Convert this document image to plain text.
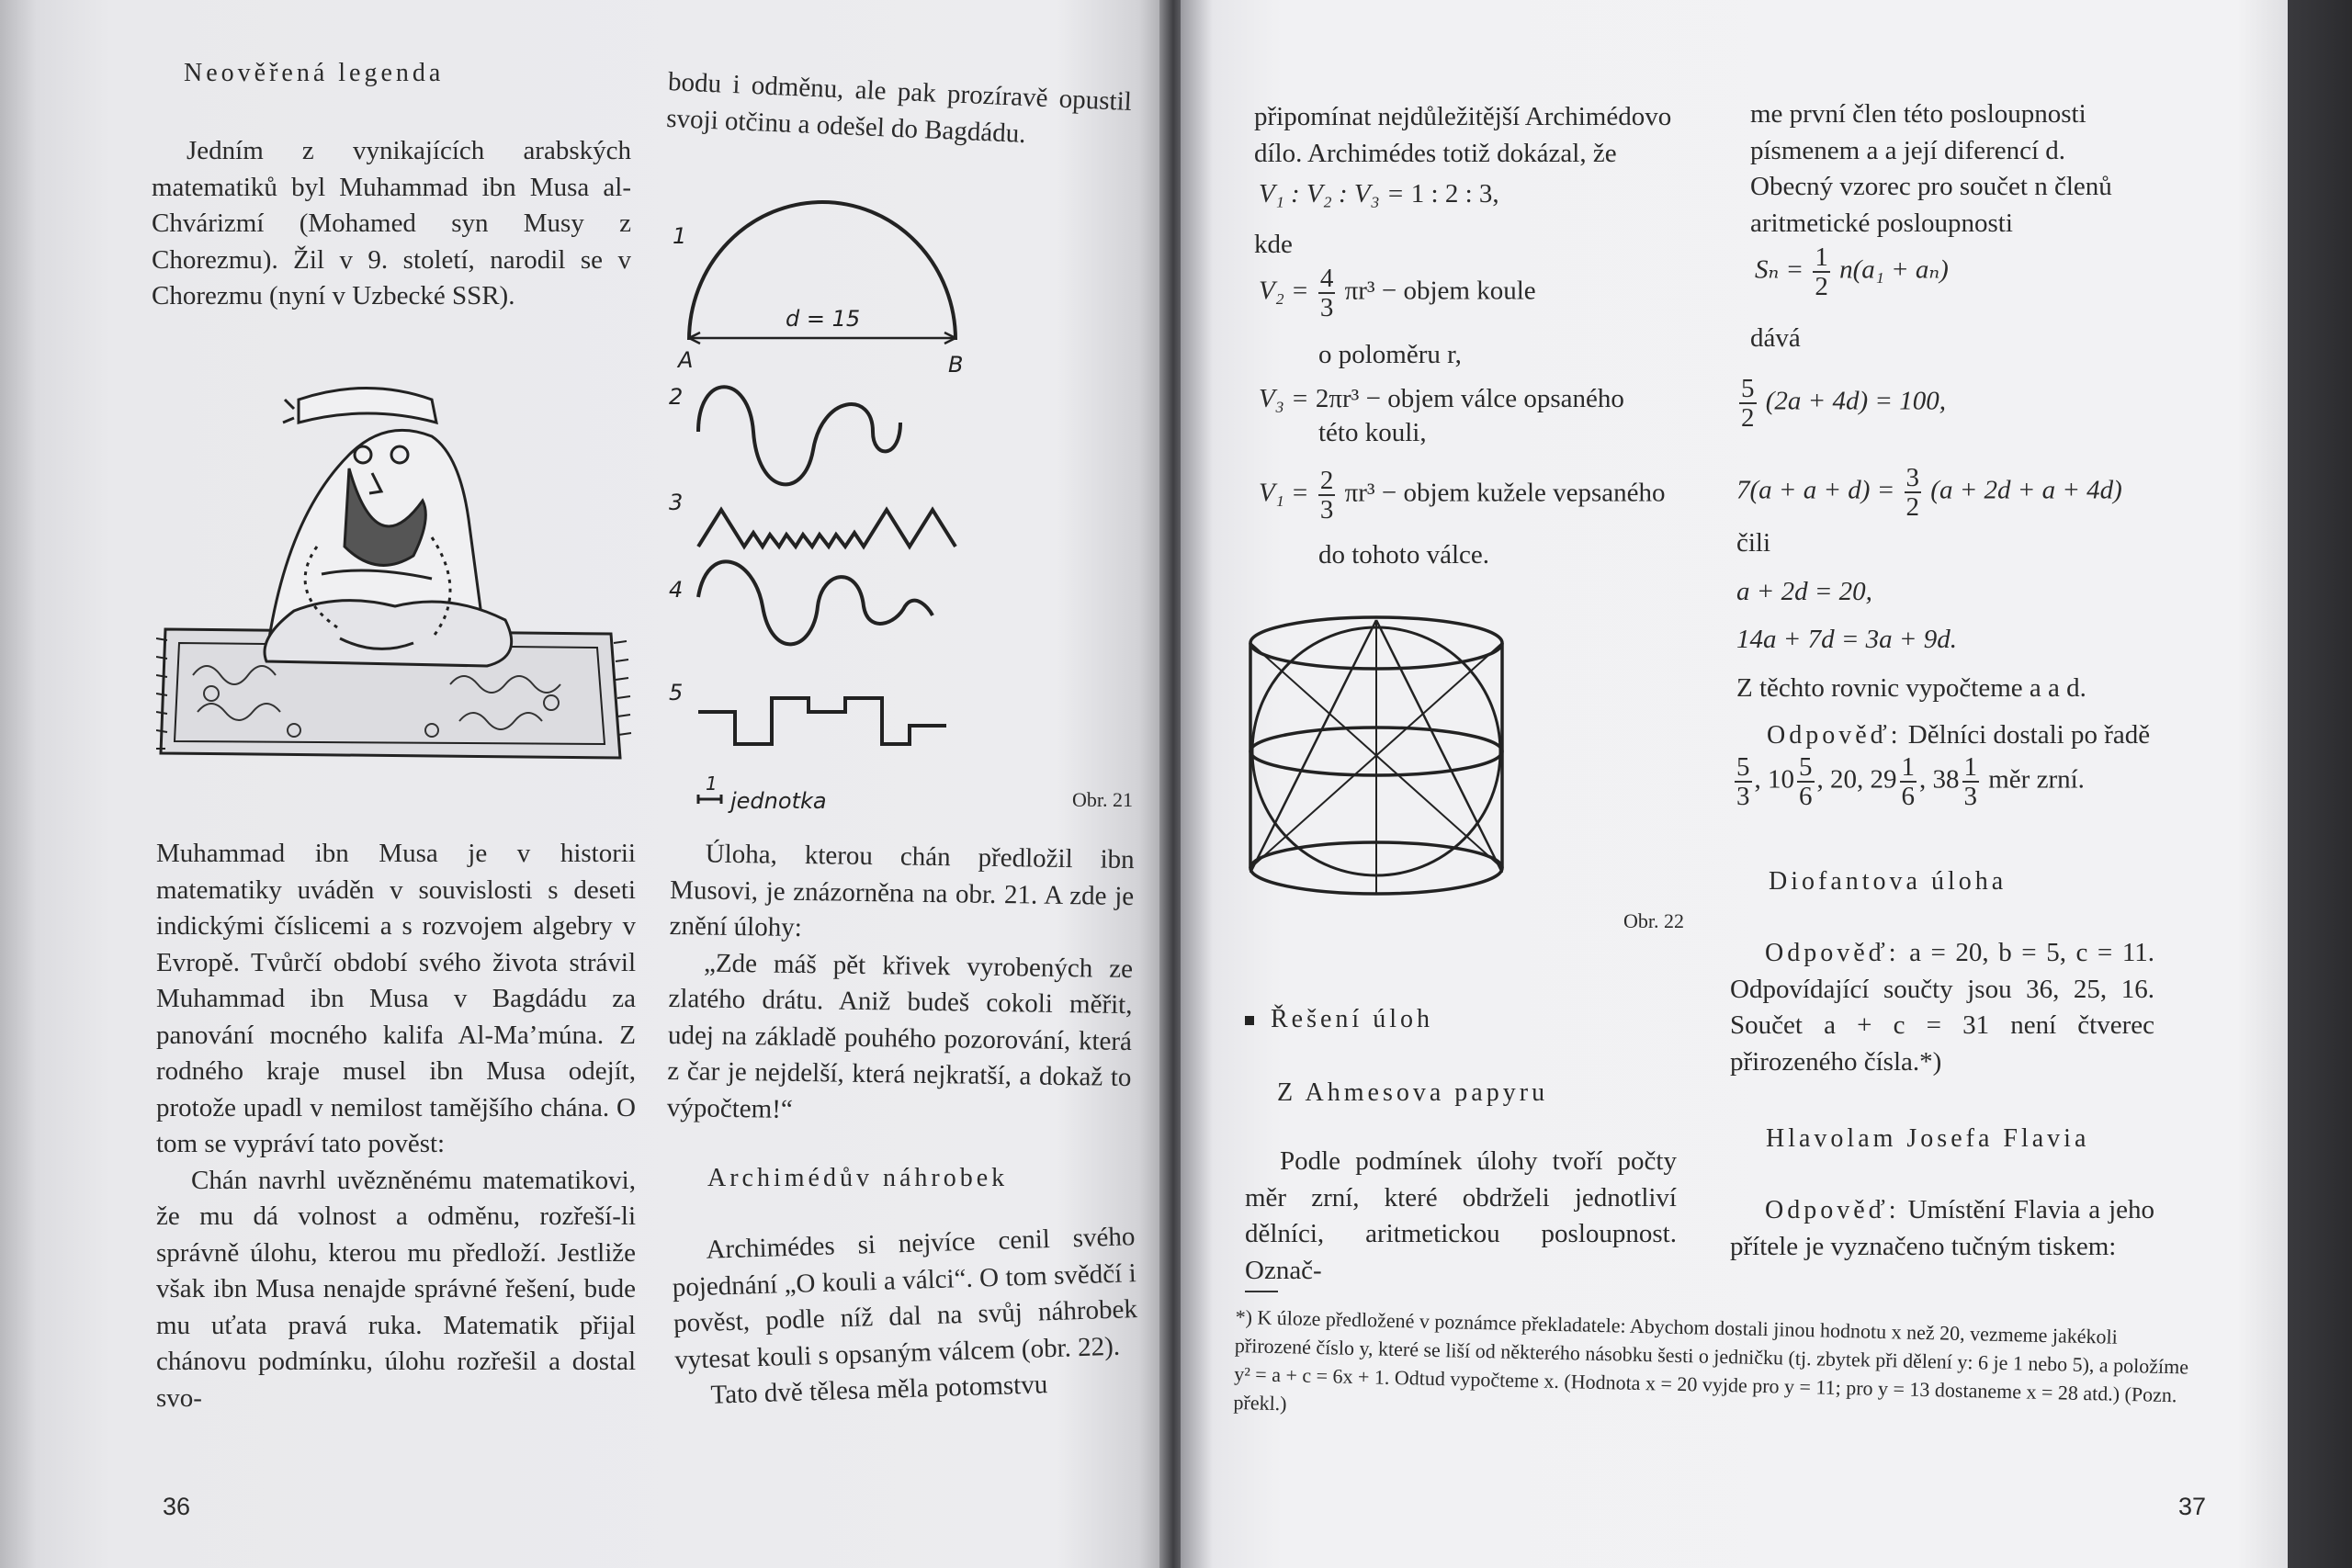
Neověřená legenda

Jedním z vynikajících arabských matematiků byl Muhammad ibn Musa al-Chvárizmí (Mohamed syn Musy z Chorezmu). Žil v 9. století, narodil se v Chorezmu (nyní v Uzbecké SSR).

Muhammad ibn Musa je v historii matematiky uváděn v souvislosti s deseti indickými číslicemi a s rozvojem algebry v Evropě. Tvůrčí období svého života strávil Muhammad ibn Musa v Bagdádu za panování mocného kalifa Al-Ma’múna. Z rodného kraje musel ibn Musa odejít, protože upadl v nemilost tamějšího chána. O tom se vypráví tato pověst:

Chán navrhl uvězněnému matematikovi, že mu dá volnost a odměnu, rozřeší-li správně úlohu, kterou mu předloží. Jestliže však ibn Musa nenajde správné řešení, bude mu uťata pravá ruka. Matematik přijal chánovu podmínku, úlohu rozřešil a dostal svo-

bodu i odměnu, ale pak prozíravě opustil svoji otčinu a odešel do Bagdádu.

1
2
3
4
5
d = 15
A	B
1
jednotka	Obr. 21

Úloha, kterou chán předložil ibn Musovi, je znázorněna na obr. 21. A zde je znění úlohy:

„Zde máš pět křivek vyrobených ze zlatého drátu. Aniž budeš cokoli měřit, udej na základě pouhého pozorování, která z čar je nejdelší, která nejkratší, a dokaž to výpočtem!“

Archimédův náhrobek

Archimédes si nejvíce cenil svého pojednání „O kouli a válci“. O tom svědčí i pověst, podle níž dal na svůj náhrobek vytesat kouli s opsaným válcem (obr. 22).

Tato dvě tělesa měla potomstvu

36

připomínat nejdůležitější Archimédovo dílo. Archimédes totiž dokázal, že

V₁ : V₂ : V₃ = 1 : 2 : 3,
kde
$V_2 = \frac{4}{3} \pi r^3$ − objem koule
o poloměru r,
V₃ = 2πr³ − objem válce opsaného
této kouli,
$V_1 = \frac{2}{3} \pi r^3$ − objem kužele vepsaného
do tohoto válce.
Obr. 22
Řešení úloh
Z Ahmesova papyru

Podle podmínek úlohy tvoří počty měr zrní, které obdrželi jednotliví dělníci, aritmetickou posloupnost. Označ-

me první člen této posloupnosti písmenem a a její diferencí d. Obecný vzorec pro součet n členů aritmetické posloupnosti

$S_n = \frac{1}{2} n(a_1 + a_n)$
dává
$\frac{5}{2} (2a + 4d) = 100$,
$7(a + a + d) = \frac{3}{2} (a + 2d + a + 4d)$
čili
a + 2d = 20,
14a + 7d = 3a + 9d.
Z těchto rovnic vypočteme a a d.
Odpověď: Dělníci dostali po řadě
$\frac{5}{3}$ , $10 \frac{5}{6}$ , 20, $29 \frac{1}{6}$ , $38 \frac{1}{3}$ měr zrní.
Diofantova úloha

Odpověď: a = 20, b = 5, c = 11. Odpovídající součty jsou 36, 25, 16. Součet a + c = 31 není čtverec přirozeného čísla.*)

Hlavolam Josefa Flavia

Odpověď: Umístění Flavia a jeho přítele je vyznačeno tučným tiskem:

*) K úloze předložené v poznámce překladatele: Abychom dostali jinou hodnotu x než 20, vezmeme jakékoli přirozené číslo y, které se liší od některého násobku šesti o jedničku (tj. zbytek při dělení y: 6 je 1 nebo 5), a položíme y² = a + c = 6x + 1. Odtud vypočteme x. (Hodnota x = 20 vyjde pro y = 11; pro y = 13 dostaneme x = 28 atd.) (Pozn. překl.)
37
